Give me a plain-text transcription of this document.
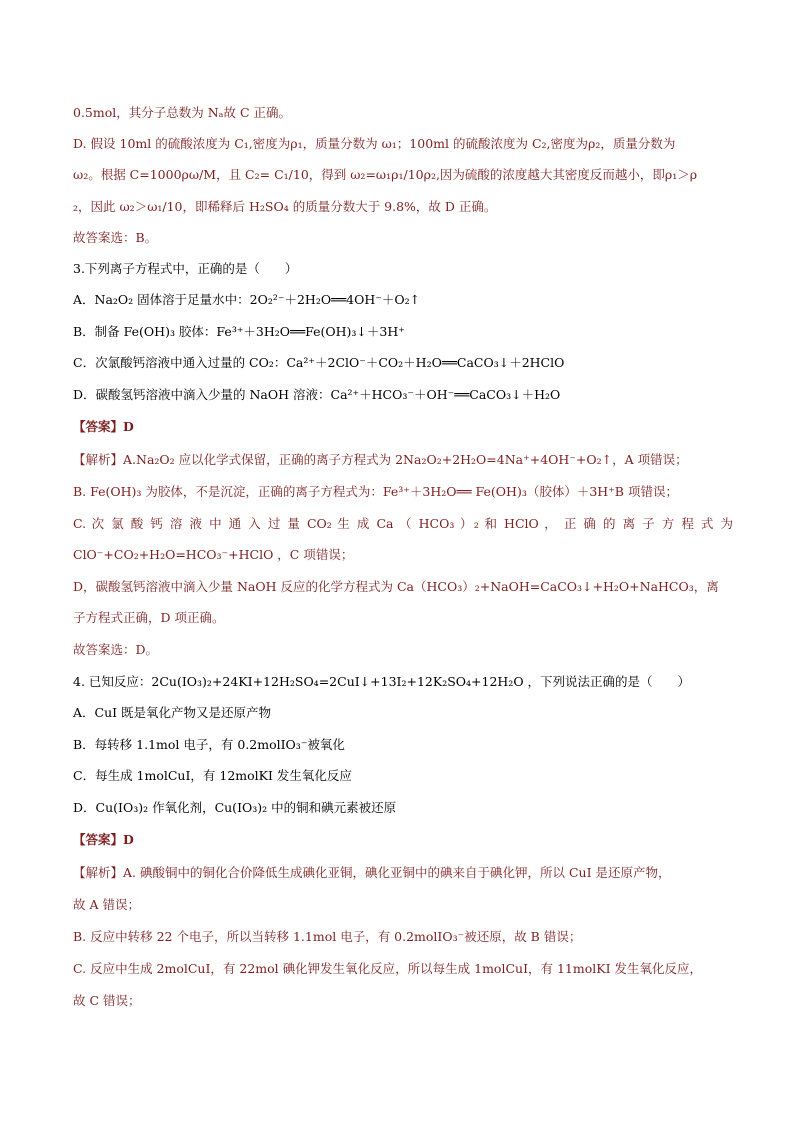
0.5mol，其分子总数为 Nₐ故 C 正确。
D. 假设 10ml 的硫酸浓度为 C₁,密度为ρ₁，质量分数为 ω₁；100ml 的硫酸浓度为 C₂,密度为ρ₂，质量分数为
ω₂。根据 C=1000ρω/M，且 C₂= C₁/10，得到 ω₂=ω₁ρ₁/10ρ₂,因为硫酸的浓度越大其密度反而越小，即ρ₁＞ρ
₂，因此 ω₂＞ω₁/10，即稀释后 H₂SO₄ 的质量分数大于 9.8%，故 D 正确。
故答案选：B。
3.下列离子方程式中，正确的是（　　）
A．Na₂O₂ 固体溶于足量水中：2O₂²⁻＋2H₂O══4OH⁻＋O₂↑
B．制备 Fe(OH)₃ 胶体：Fe³⁺＋3H₂O══Fe(OH)₃↓＋3H⁺
C．次氯酸钙溶液中通入过量的 CO₂：Ca²⁺＋2ClO⁻＋CO₂＋H₂O══CaCO₃↓＋2HClO
D．碳酸氢钙溶液中滴入少量的 NaOH 溶液：Ca²⁺＋HCO₃⁻＋OH⁻══CaCO₃↓＋H₂O
【答案】D
【解析】A.Na₂O₂ 应以化学式保留，正确的离子方程式为 2Na₂O₂+2H₂O=4Na⁺+4OH⁻+O₂↑，A 项错误；
B. Fe(OH)₃ 为胶体，不是沉淀，正确的离子方程式为：Fe³⁺＋3H₂O══ Fe(OH)₃（胶体）＋3H⁺B 项错误；
C. 次 氯 酸 钙 溶 液 中 通 入 过 量 CO₂ 生 成 Ca （ HCO₃ ）₂ 和 HClO ， 正 确 的 离 子 方 程 式 为
ClO⁻+CO₂+H₂O=HCO₃⁻+HClO ，C 项错误；
D，碳酸氢钙溶液中滴入少量 NaOH 反应的化学方程式为 Ca（HCO₃）₂+NaOH=CaCO₃↓+H₂O+NaHCO₃，离
子方程式正确，D 项正确。
故答案选：D。
4. 已知反应：2Cu(IO₃)₂+24KI+12H₂SO₄=2CuI↓+13I₂+12K₂SO₄+12H₂O ，下列说法正确的是（　　）
A．CuI 既是氧化产物又是还原产物
B．每转移 1.1mol 电子，有 0.2molIO₃⁻被氧化
C．每生成 1molCuI，有 12molKI 发生氧化反应
D．Cu(IO₃)₂ 作氧化剂，Cu(IO₃)₂ 中的铜和碘元素被还原
【答案】D
【解析】A. 碘酸铜中的铜化合价降低生成碘化亚铜，碘化亚铜中的碘来自于碘化钾，所以 CuI 是还原产物，
故 A 错误；
B. 反应中转移 22 个电子，所以当转移 1.1mol 电子，有 0.2molIO₃⁻被还原，故 B 错误；
C. 反应中生成 2molCuI，有 22mol 碘化钾发生氧化反应，所以每生成 1molCuI，有 11molKI 发生氧化反应，
故 C 错误；
